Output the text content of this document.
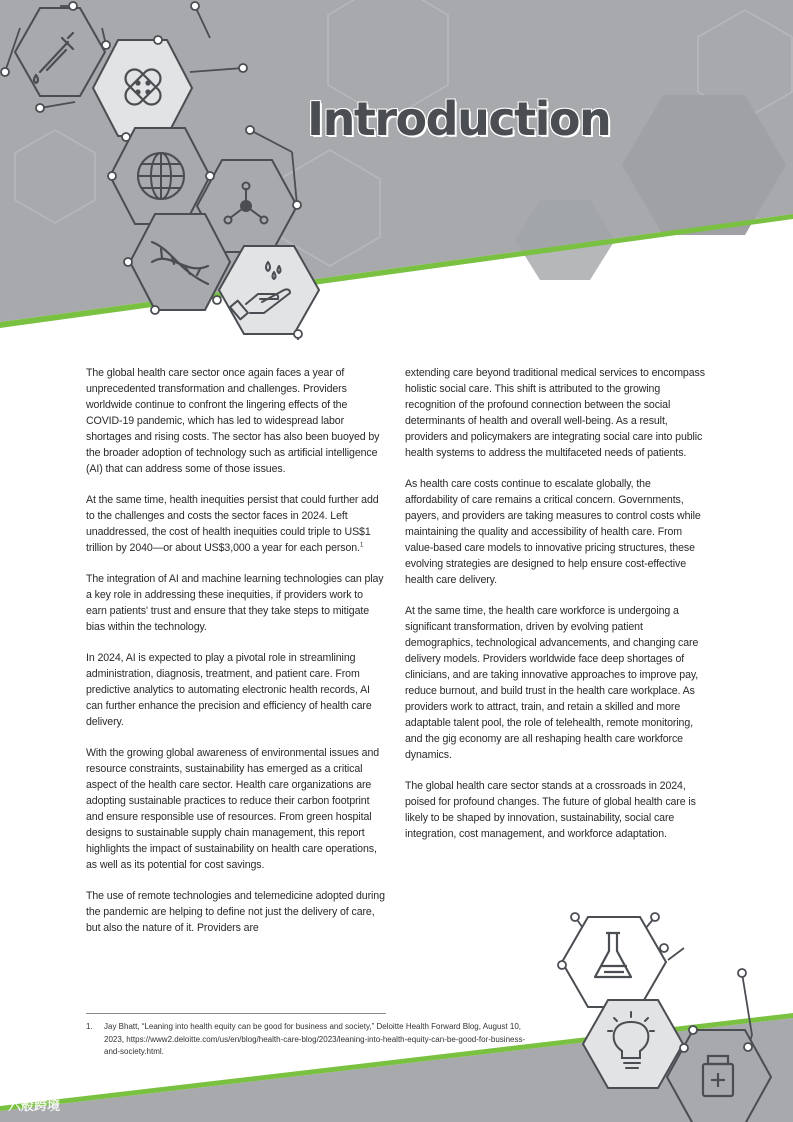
Introduction

The global health care sector once again faces a year of unprecedented transformation and challenges. Providers worldwide continue to confront the lingering effects of the COVID-19 pandemic, which has led to widespread labor shortages and rising costs. The sector has also been buoyed by the broader adoption of technology such as artificial intelligence (AI) that can address some of those issues.

At the same time, health inequities persist that could further add to the challenges and costs the sector faces in 2024. Left unaddressed, the cost of health inequities could triple to US$1 trillion by 2040—or about US$3,000 a year for each person.$^1$

The integration of AI and machine learning technologies can play a key role in addressing these inequities, if providers work to earn patients' trust and ensure that they take steps to mitigate bias within the technology.

In 2024, AI is expected to play a pivotal role in streamlining administration, diagnosis, treatment, and patient care. From predictive analytics to automating electronic health records, AI can further enhance the precision and efficiency of health care delivery.

With the growing global awareness of environmental issues and resource constraints, sustainability has emerged as a critical aspect of the health care sector. Health care organizations are adopting sustainable practices to reduce their carbon footprint and ensure responsible use of resources. From green hospital designs to sustainable supply chain management, this report highlights the impact of sustainability on health care operations, as well as its potential for cost savings.

The use of remote technologies and telemedicine adopted during the pandemic are helping to define not just the delivery of care, but also the nature of it. Providers are

extending care beyond traditional medical services to encompass holistic social care. This shift is attributed to the growing recognition of the profound connection between the social determinants of health and overall well-being. As a result, providers and policymakers are integrating social care into public health systems to address the multifaceted needs of patients.

As health care costs continue to escalate globally, the affordability of care remains a critical concern. Governments, payers, and providers are taking measures to control costs while maintaining the quality and accessibility of health care. From value-based care models to innovative pricing structures, these evolving strategies are designed to help ensure cost-effective health care delivery.

At the same time, the health care workforce is undergoing a significant transformation, driven by evolving patient demographics, technological advancements, and changing care delivery models. Providers worldwide face deep shortages of clinicians, and are taking innovative approaches to improve pay, reduce burnout, and build trust in the health care workplace. As providers work to attract, train, and retain a skilled and more adaptable talent pool, the role of telehealth, remote monitoring, and the gig economy are all reshaping health care workforce dynamics.

The global health care sector stands at a crossroads in 2024, poised for profound changes. The future of global health care is likely to be shaped by innovation, sustainability, social care integration, cost management, and workforce adaptation.

1. Jay Bhatt, “Leaning into health equity can be good for business and society,” Deloitte Health Forward Blog, August 10, 2023, https://www2.deloitte.com/us/en/blog/health-care-blog/2023/leaning-into-health-equity-can-be-good-for-business-and-society.html.
六般跨境
